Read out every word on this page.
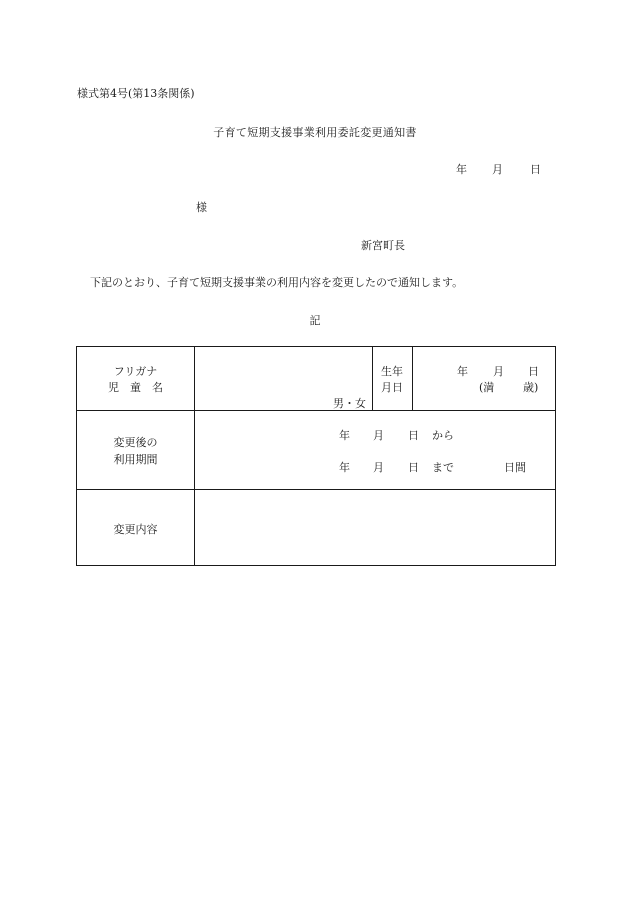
様式第4号(第13条関係)
子育て短期支援事業利用委託変更通知書
年 月 日
様
新宮町長
下記のとおり、子育て短期支援事業の利用内容を変更したので通知します。
記
フリガナ
児　童　名
男・女
生年
月日
年 月 日
(満	歳)
変更後の
利用期間
年 月 日 から
年 月 日 まで	日間
変更内容
